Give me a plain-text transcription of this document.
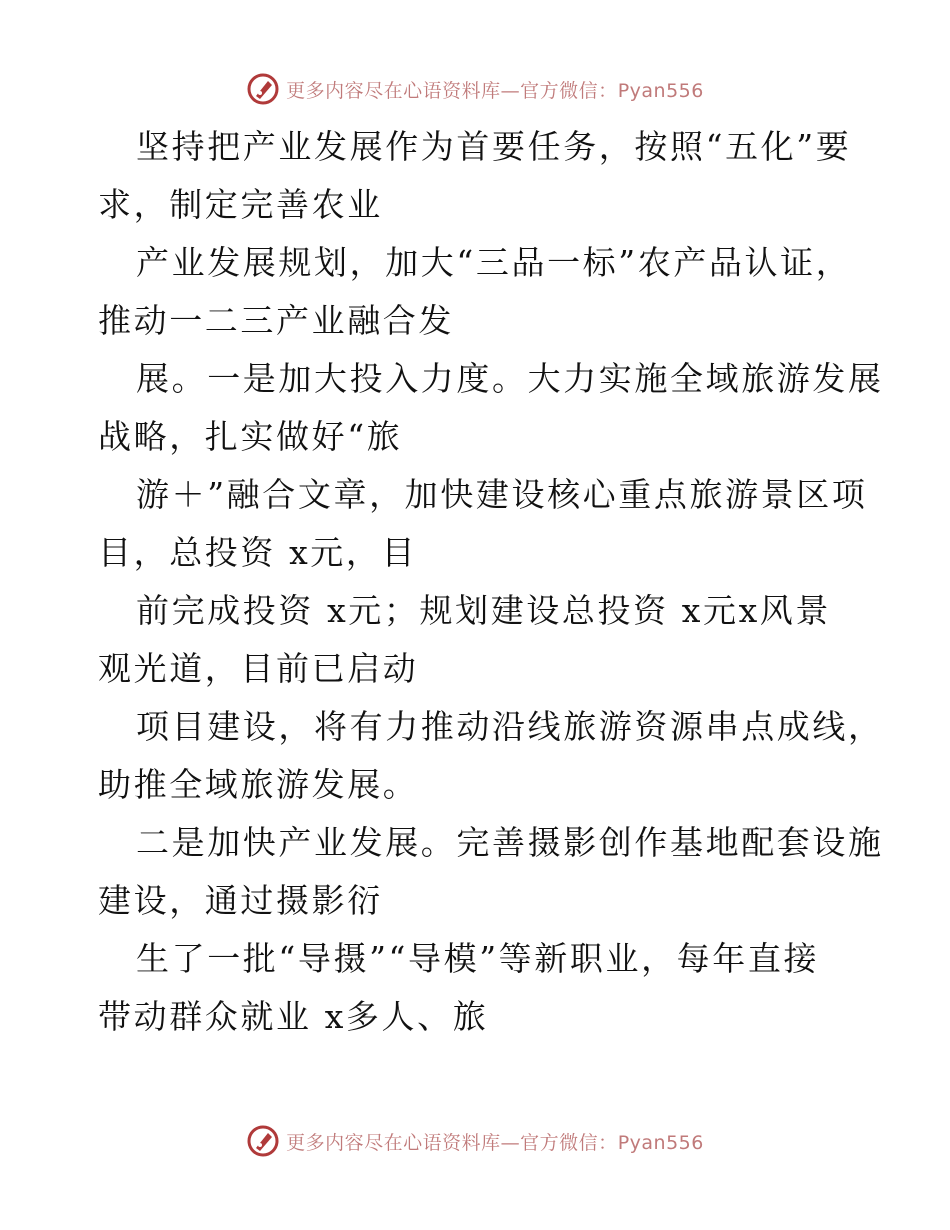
更多内容尽在心语资料库—官方微信：Pyan556
坚持把产业发展作为首要任务，按照“五化”要
求，制定完善农业
产业发展规划，加大“三品一标”农产品认证，
推动一二三产业融合发
展。一是加大投入力度。大力实施全域旅游发展
战略，扎实做好“旅
游＋”融合文章，加快建设核心重点旅游景区项
目，总投资 x元，目
前完成投资 x元；规划建设总投资 x元x风景
观光道，目前已启动
项目建设，将有力推动沿线旅游资源串点成线，
助推全域旅游发展。
二是加快产业发展。完善摄影创作基地配套设施
建设，通过摄影衍
生了一批“导摄”“导模”等新职业，每年直接
带动群众就业 x多人、旅
更多内容尽在心语资料库—官方微信：Pyan556
